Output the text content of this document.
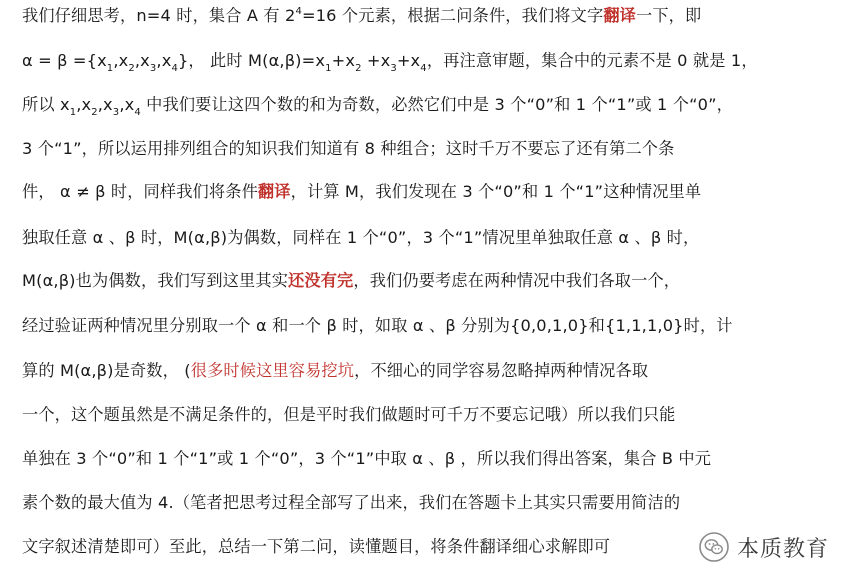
我们仔细思考，n=4 时，集合 A 有 $2^4=16$ 个元素，根据二问条件，我们将文字翻译一下，即
$\alpha = \beta =\{x_1,x_2,x_3,x_4\}$， 此时 $M(\alpha,\beta)=x_1+x_2 +x_3+x_4$，再注意审题，集合中的元素不是 0 就是 1，
所以 $x_1,x_2,x_3,x_4$ 中我们要让这四个数的和为奇数，必然它们中是 3 个“0”和 1 个“1”或 1 个“0”，
3 个“1”，所以运用排列组合的知识我们知道有 8 种组合；这时千万不要忘了还有第二个条
件， α ≠ β 时，同样我们将条件翻译，计算 M，我们发现在 3 个“0”和 1 个“1”这种情况里单
独取任意 α 、β 时，M(α,β)为偶数，同样在 1 个“0”，3 个“1”情况里单独取任意 α 、β 时，
M(α,β)也为偶数，我们写到这里其实还没有完，我们仍要考虑在两种情况中我们各取一个，
经过验证两种情况里分别取一个 α 和一个 β 时，如取 α 、β 分别为{0,0,1,0}和{1,1,1,0}时，计
算的 M(α,β)是奇数， (很多时候这里容易挖坑，不细心的同学容易忽略掉两种情况各取
一个，这个题虽然是不满足条件的，但是平时我们做题时可千万不要忘记哦）所以我们只能
单独在 3 个“0”和 1 个“1”或 1 个“0”，3 个“1”中取 α 、β ，所以我们得出答案，集合 B 中元
素个数的最大值为 4.（笔者把思考过程全部写了出来，我们在答题卡上其实只需要用简洁的
文字叙述清楚即可）至此，总结一下第二问，读懂题目，将条件翻译细心求解即可	本质教育
